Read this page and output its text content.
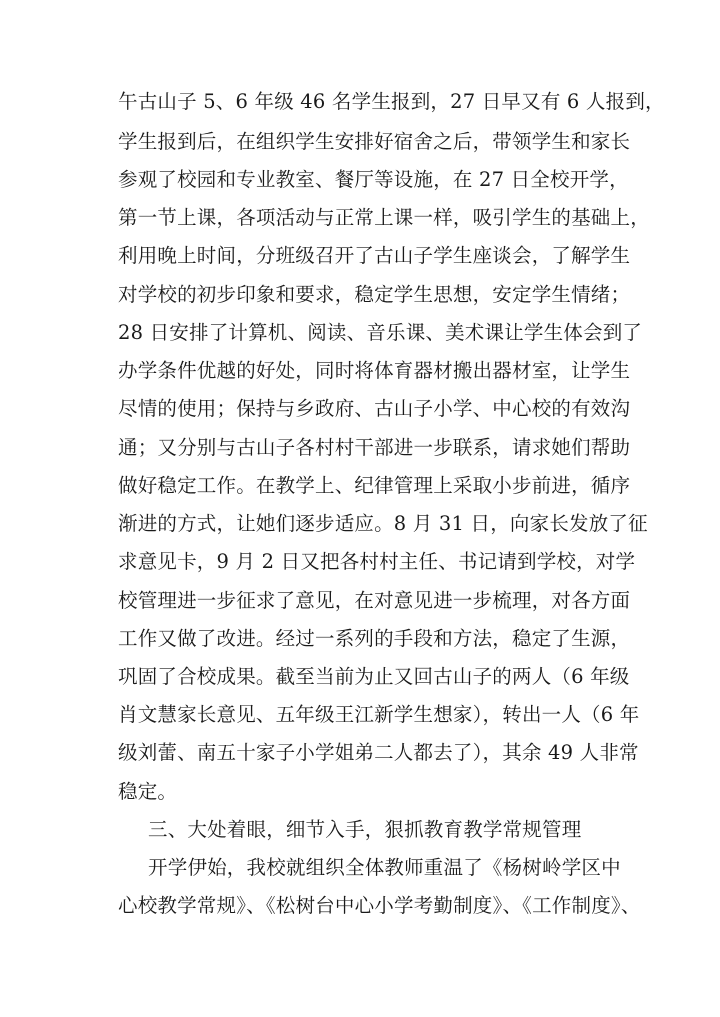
午古山子 5、6 年级 46 名学生报到，27 日早又有 6 人报到，
学生报到后，在组织学生安排好宿舍之后，带领学生和家长
参观了校园和专业教室、餐厅等设施，在 27 日全校开学，
第一节上课，各项活动与正常上课一样，吸引学生的基础上，
利用晚上时间，分班级召开了古山子学生座谈会，了解学生
对学校的初步印象和要求，稳定学生思想，安定学生情绪；
28 日安排了计算机、阅读、音乐课、美术课让学生体会到了
办学条件优越的好处，同时将体育器材搬出器材室，让学生
尽情的使用；保持与乡政府、古山子小学、中心校的有效沟
通；又分别与古山子各村村干部进一步联系，请求她们帮助
做好稳定工作。在教学上、纪律管理上采取小步前进，循序
渐进的方式，让她们逐步适应。8 月 31 日，向家长发放了征
求意见卡，9 月 2 日又把各村村主任、书记请到学校，对学
校管理进一步征求了意见，在对意见进一步梳理，对各方面
工作又做了改进。经过一系列的手段和方法，稳定了生源，
巩固了合校成果。截至当前为止又回古山子的两人（6 年级
肖文慧家长意见、五年级王江新学生想家），转出一人（6 年
级刘蕾、南五十家子小学姐弟二人都去了），其余 49 人非常
稳定。
三、大处着眼，细节入手，狠抓教育教学常规管理
开学伊始，我校就组织全体教师重温了《杨树岭学区中
心校教学常规》、《松树台中心小学考勤制度》、《工作制度》、
